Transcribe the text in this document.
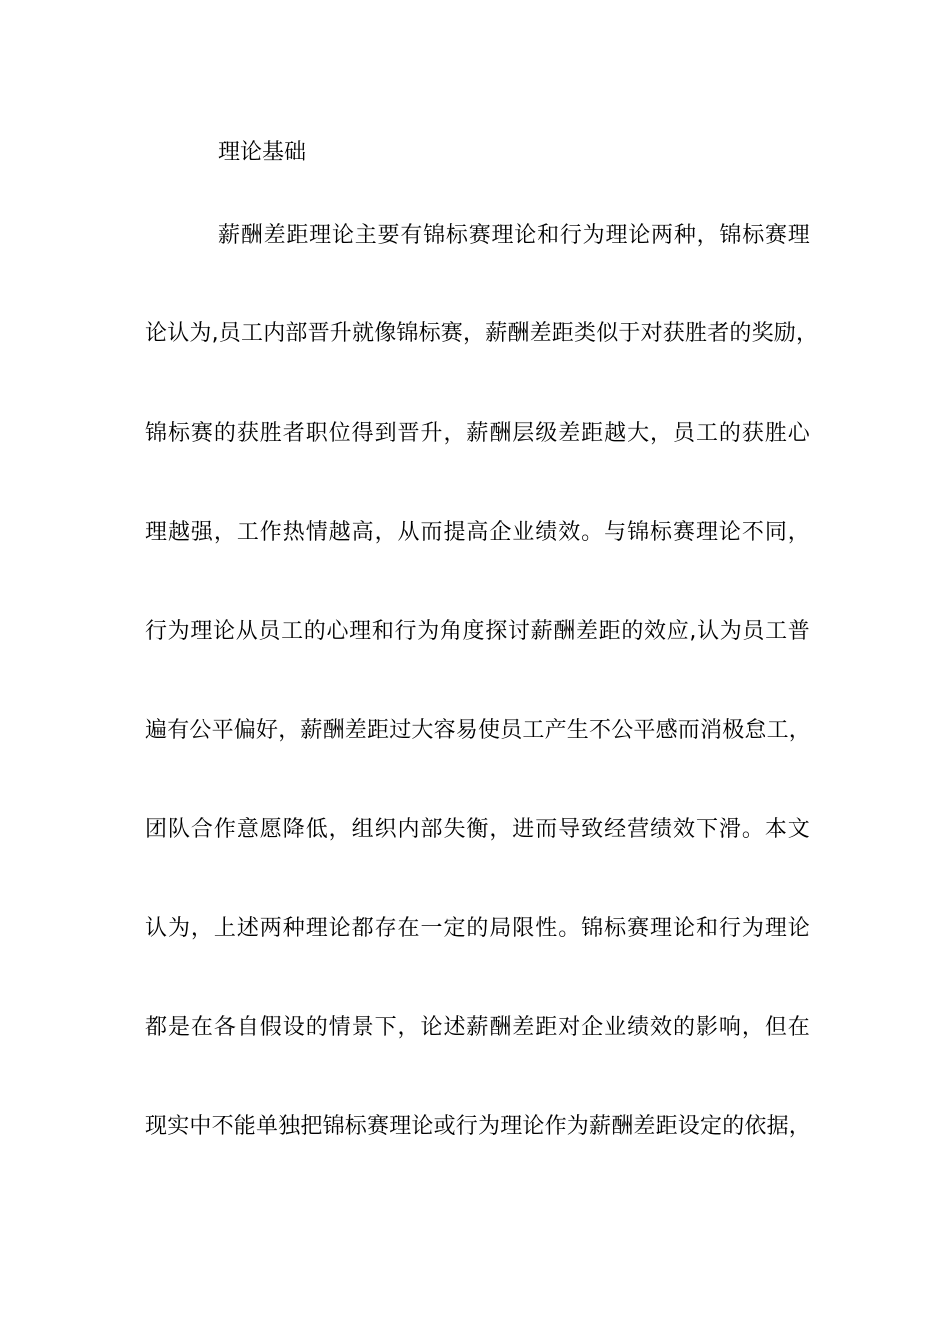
理论基础
薪酬差距理论主要有锦标赛理论和行为理论两种，锦标赛理
论认为,员工内部晋升就像锦标赛，薪酬差距类似于对获胜者的奖励，
锦标赛的获胜者职位得到晋升，薪酬层级差距越大，员工的获胜心
理越强，工作热情越高，从而提高企业绩效。与锦标赛理论不同，
行为理论从员工的心理和行为角度探讨薪酬差距的效应,认为员工普
遍有公平偏好，薪酬差距过大容易使员工产生不公平感而消极怠工，
团队合作意愿降低，组织内部失衡，进而导致经营绩效下滑。本文
认为，上述两种理论都存在一定的局限性。锦标赛理论和行为理论
都是在各自假设的情景下，论述薪酬差距对企业绩效的影响，但在
现实中不能单独把锦标赛理论或行为理论作为薪酬差距设定的依据，
